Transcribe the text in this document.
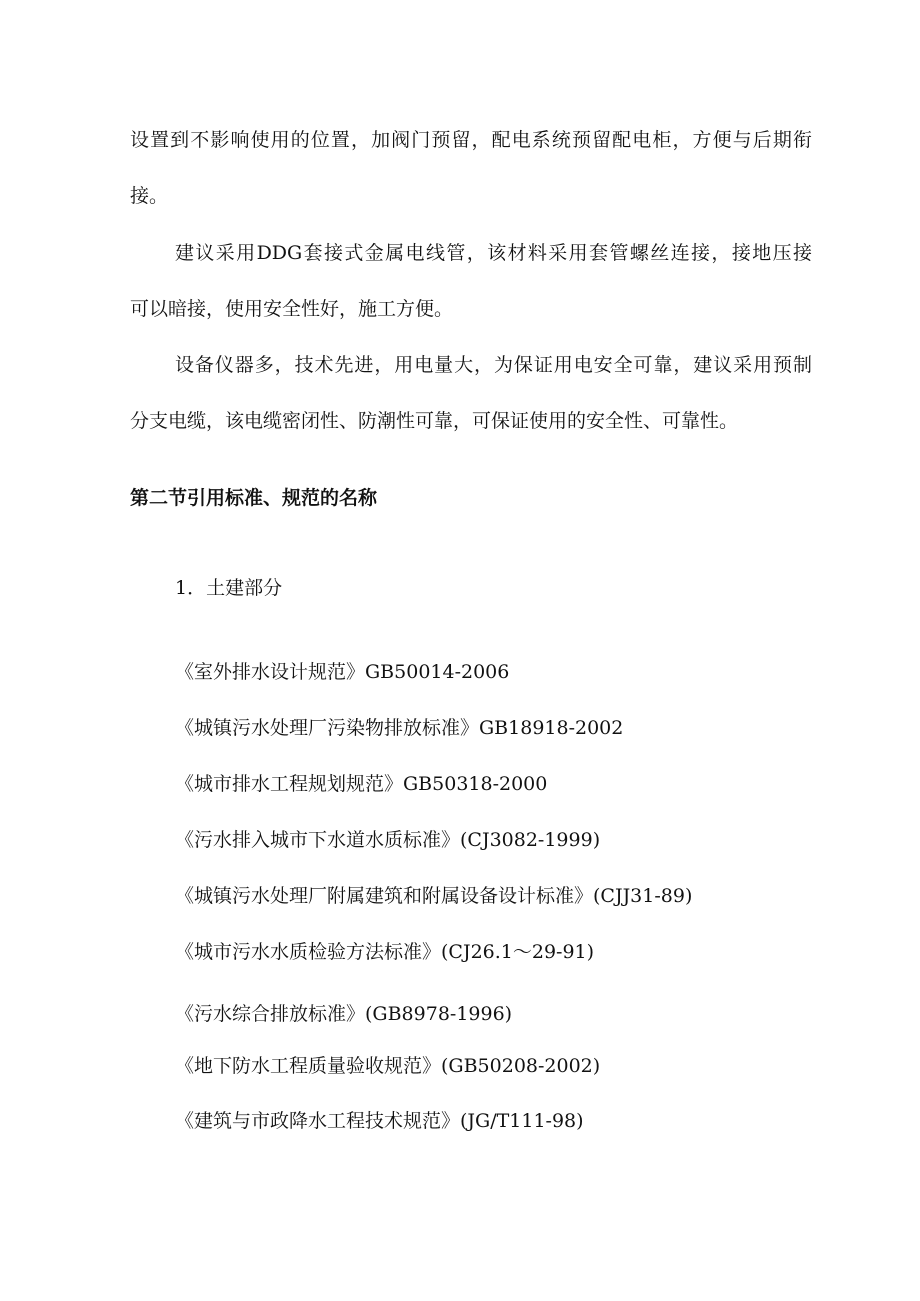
设置到不影响使用的位置，加阀门预留，配电系统预留配电柜，方便与后期衔
接。
建议采用DDG套接式金属电线管，该材料采用套管螺丝连接，接地压接
可以暗接，使用安全性好，施工方便。
设备仪器多，技术先进，用电量大，为保证用电安全可靠，建议采用预制
分支电缆，该电缆密闭性、防潮性可靠，可保证使用的安全性、可靠性。
第二节引用标准、规范的名称
1．土建部分
《室外排水设计规范》GB50014-2006
《城镇污水处理厂污染物排放标准》GB18918-2002
《城市排水工程规划规范》GB50318-2000
《污水排入城市下水道水质标准》(CJ3082-1999)
《城镇污水处理厂附属建筑和附属设备设计标准》(CJJ31-89)
《城市污水水质检验方法标准》(CJ26.1～29-91)
《污水综合排放标准》(GB8978-1996)
《地下防水工程质量验收规范》(GB50208-2002)
《建筑与市政降水工程技术规范》(JG/T111-98)
